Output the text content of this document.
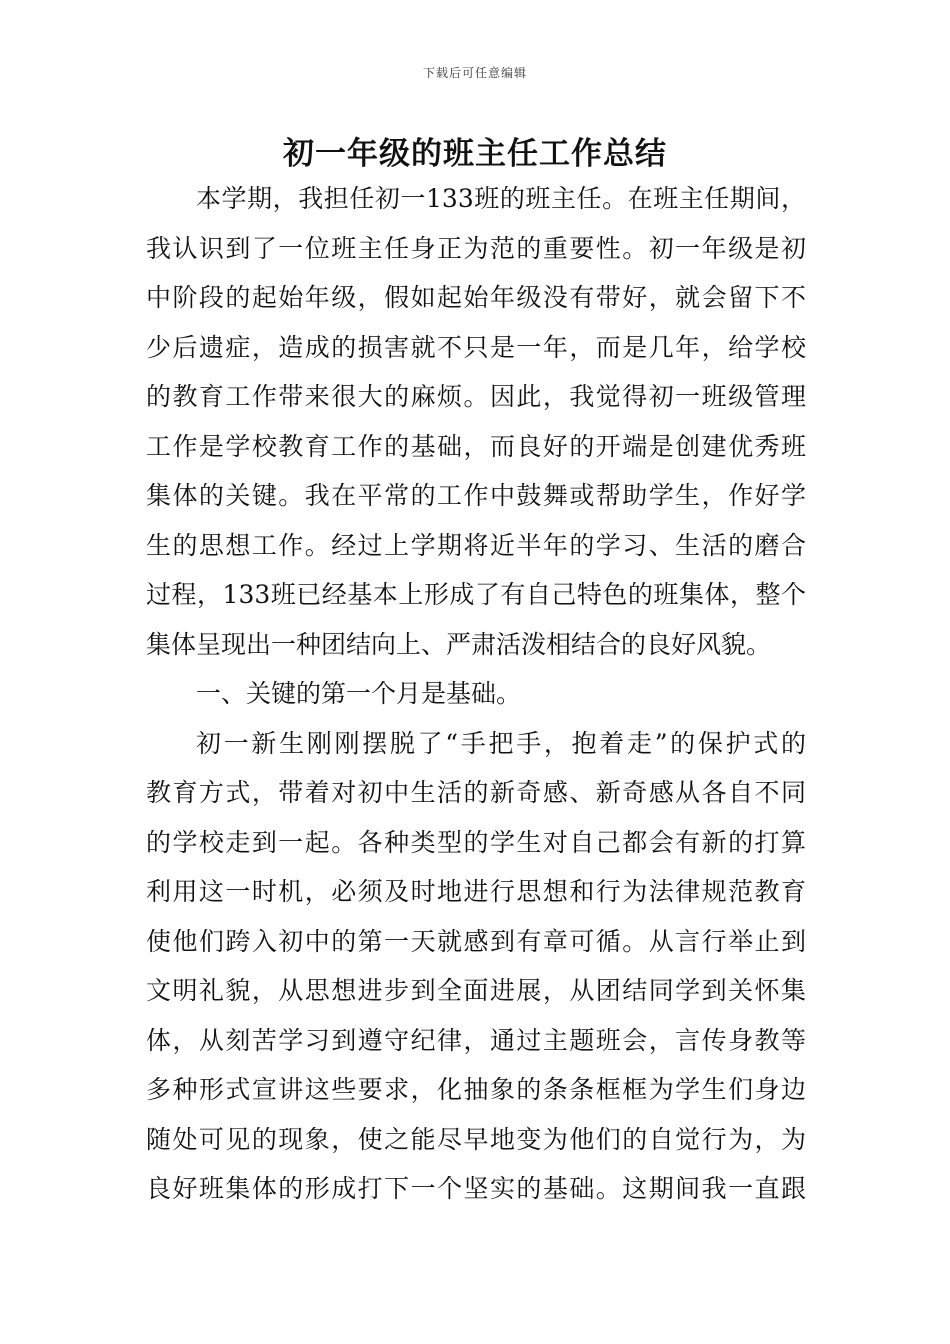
下载后可任意编辑
初一年级的班主任工作总结
本学期，我担任初一133班的班主任。在班主任期间，
我认识到了一位班主任身正为范的重要性。初一年级是初
中阶段的起始年级，假如起始年级没有带好，就会留下不
少后遗症，造成的损害就不只是一年，而是几年，给学校
的教育工作带来很大的麻烦。因此，我觉得初一班级管理
工作是学校教育工作的基础，而良好的开端是创建优秀班
集体的关键。我在平常的工作中鼓舞或帮助学生，作好学
生的思想工作。经过上学期将近半年的学习、生活的磨合
过程，133班已经基本上形成了有自己特色的班集体，整个
集体呈现出一种团结向上、严肃活泼相结合的良好风貌。
一、关键的第一个月是基础。
初一新生刚刚摆脱了“手把手，抱着走”的保护式的
教育方式，带着对初中生活的新奇感、新奇感从各自不同
的学校走到一起。各种类型的学生对自己都会有新的打算
利用这一时机，必须及时地进行思想和行为法律规范教育
使他们跨入初中的第一天就感到有章可循。从言行举止到
文明礼貌，从思想进步到全面进展，从团结同学到关怀集
体，从刻苦学习到遵守纪律，通过主题班会，言传身教等
多种形式宣讲这些要求，化抽象的条条框框为学生们身边
随处可见的现象，使之能尽早地变为他们的自觉行为，为
良好班集体的形成打下一个坚实的基础。这期间我一直跟
